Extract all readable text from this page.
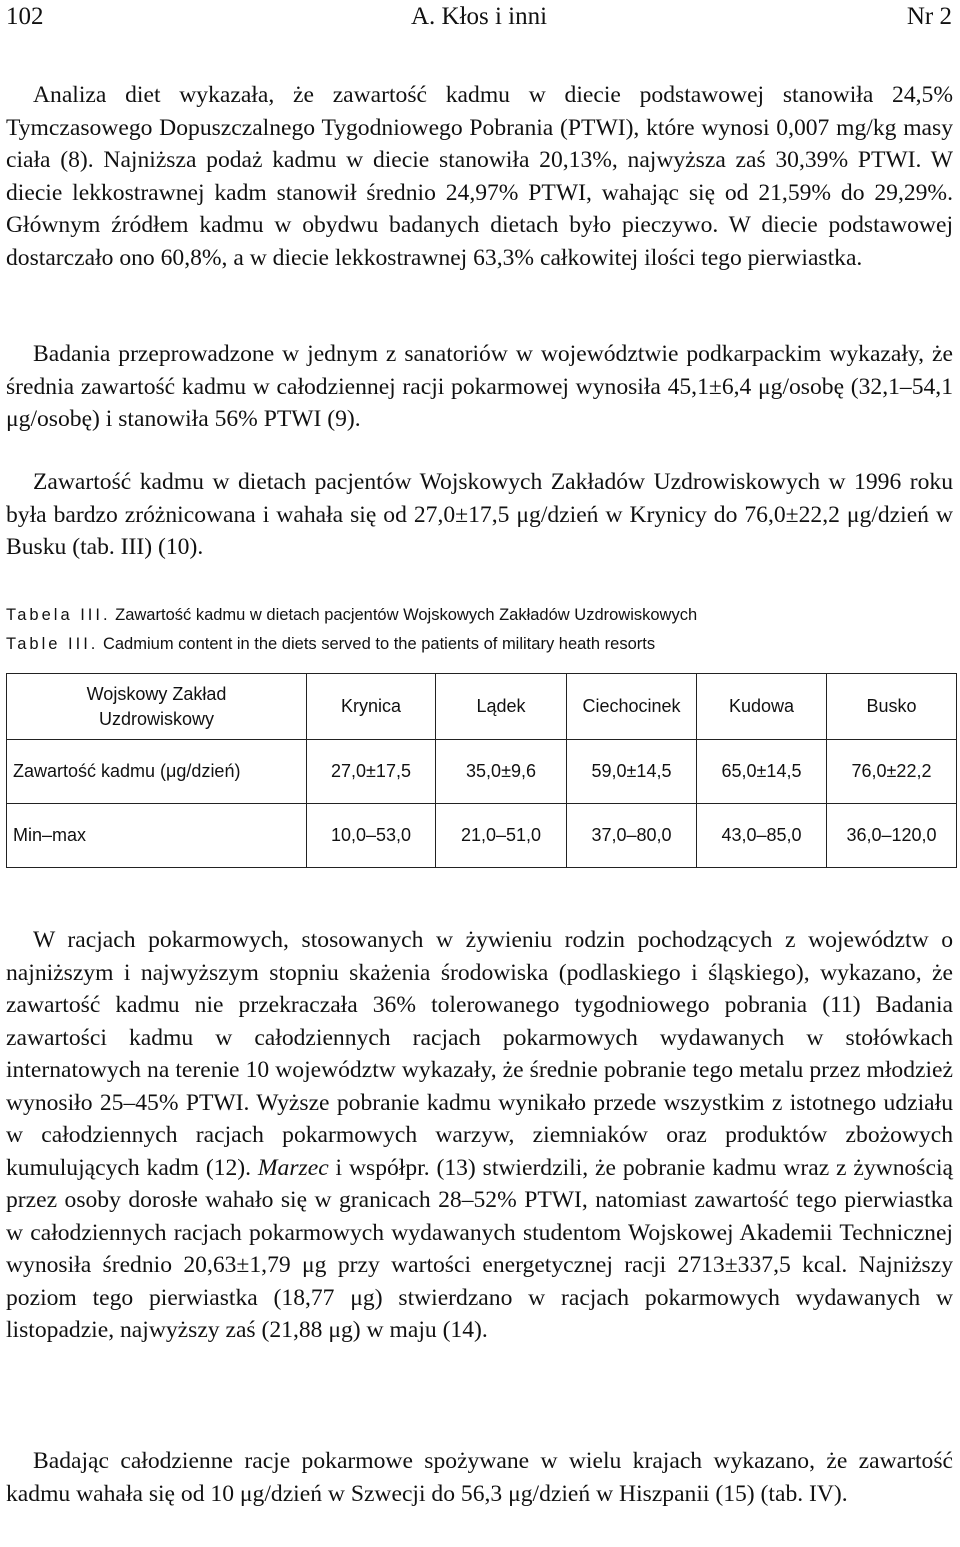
102	A. Kłos i inni	Nr 2

Analiza diet wykazała, że zawartość kadmu w diecie podstawowej stanowiła 24,5% Tymczasowego Dopuszczalnego Tygodniowego Pobrania (PTWI), które wynosi 0,007 mg/kg masy ciała (8). Najniższa podaż kadmu w diecie stanowiła 20,13%, najwyższa zaś 30,39% PTWI. W diecie lekkostrawnej kadm stanowił średnio 24,97% PTWI, wahając się od 21,59% do 29,29%. Głównym źródłem kadmu w obydwu badanych dietach było pieczywo. W diecie podstawowej dostarczało ono 60,8%, a w diecie lekkostrawnej 63,3% całkowitej ilości tego pierwiastka.

Badania przeprowadzone w jednym z sanatoriów w województwie podkarpackim wykazały, że średnia zawartość kadmu w całodziennej racji pokarmowej wynosiła 45,1±6,4 μg/osobę (32,1–54,1 μg/osobę) i stanowiła 56% PTWI (9).

Zawartość kadmu w dietach pacjentów Wojskowych Zakładów Uzdrowiskowych w 1996 roku była bardzo zróżnicowana i wahała się od 27,0±17,5 μg/dzień w Krynicy do 76,0±22,2 μg/dzień w Busku (tab. III) (10).

Tabela III. Zawartość kadmu w dietach pacjentów Wojskowych Zakładów Uzdrowiskowych
Table III. Cadmium content in the diets served to the patients of military heath resorts
Wojskowy Zakład
Uzdrowiskowy	Krynica	Lądek	Ciechocinek	Kudowa	Busko
Zawartość kadmu (μg/dzień)	27,0±17,5	35,0±9,6	59,0±14,5	65,0±14,5	76,0±22,2
Min–max	10,0–53,0	21,0–51,0	37,0–80,0	43,0–85,0	36,0–120,0

W racjach pokarmowych, stosowanych w żywieniu rodzin pochodzących z województw o najniższym i najwyższym stopniu skażenia środowiska (podlaskiego i śląskiego), wykazano, że zawartość kadmu nie przekraczała 36% tolerowanego tygodniowego pobrania (11) Badania zawartości kadmu w całodziennych racjach pokarmowych wydawanych w stołówkach internatowych na terenie 10 województw wykazały, że średnie pobranie tego metalu przez młodzież wynosiło 25–45% PTWI. Wyższe pobranie kadmu wynikało przede wszystkim z istotnego udziału w całodziennych racjach pokarmowych warzyw, ziemniaków oraz produktów zbożowych kumulujących kadm (12). Marzec i współpr. (13) stwierdzili, że pobranie kadmu wraz z żywnością przez osoby dorosłe wahało się w granicach 28–52% PTWI, natomiast zawartość tego pierwiastka w całodziennych racjach pokarmowych wydawanych studentom Wojskowej Akademii Technicznej wynosiła średnio 20,63±1,79 μg przy wartości energetycznej racji 2713±337,5 kcal. Najniższy poziom tego pierwiastka (18,77 μg) stwierdzano w racjach pokarmowych wydawanych w listopadzie, najwyższy zaś (21,88 μg) w maju (14).

Badając całodzienne racje pokarmowe spożywane w wielu krajach wykazano, że zawartość kadmu wahała się od 10 μg/dzień w Szwecji do 56,3 μg/dzień w Hiszpanii (15) (tab. IV).
